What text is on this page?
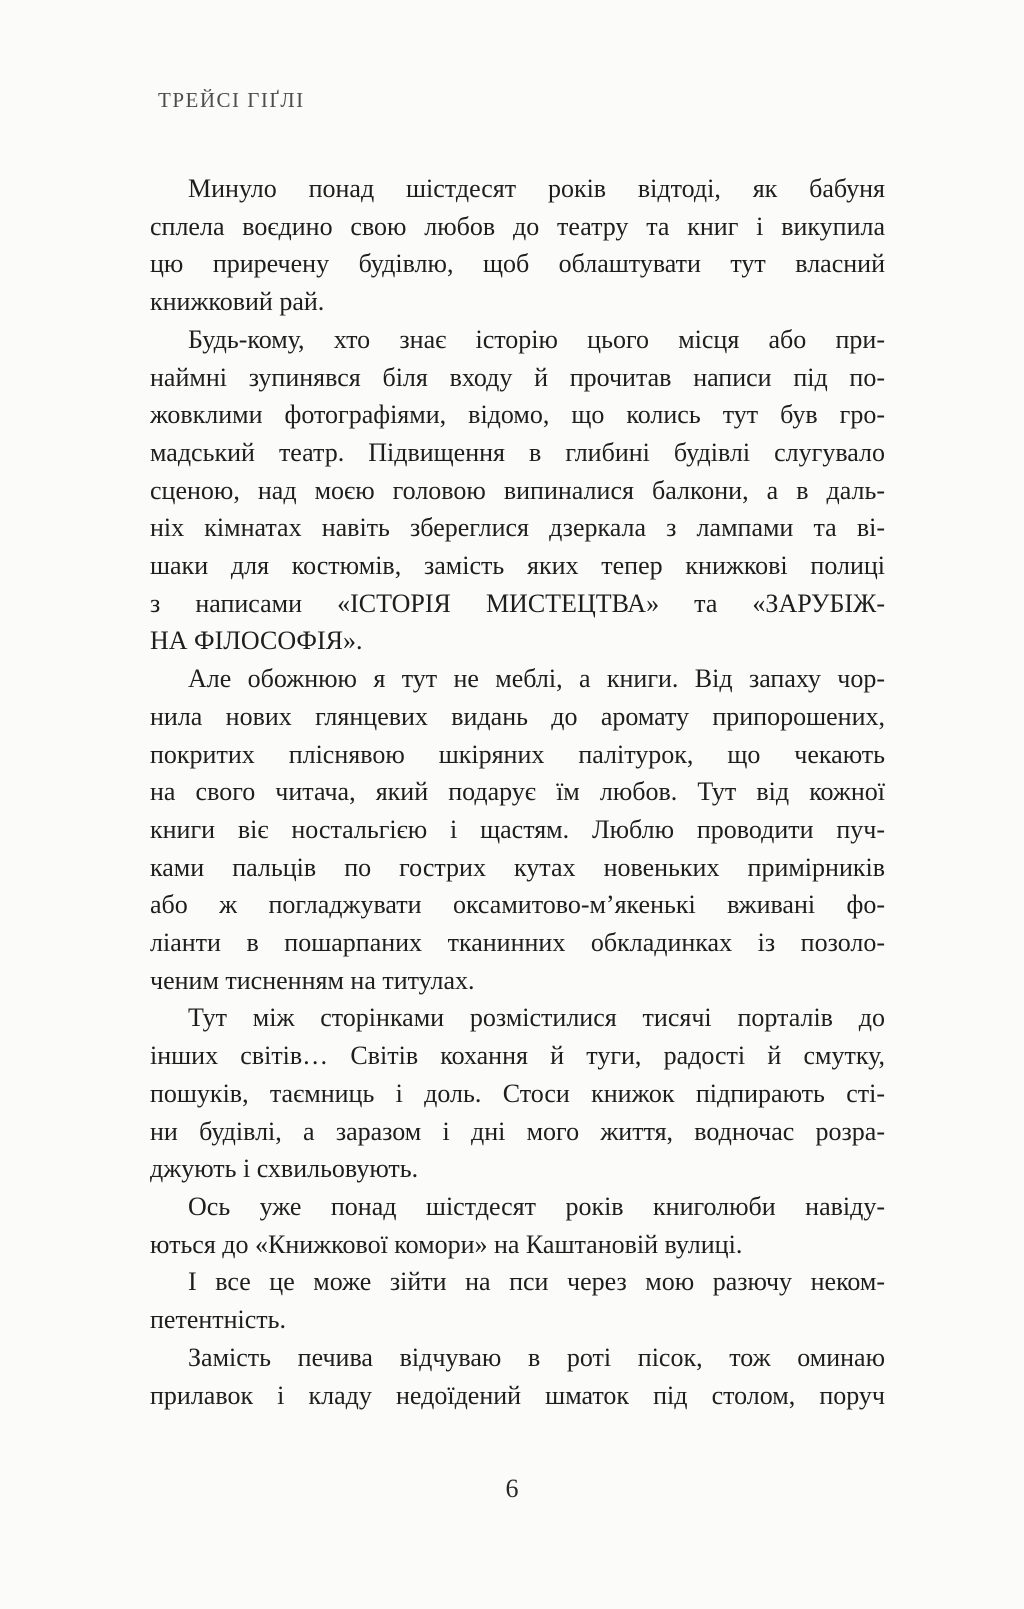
ТРЕЙСІ ГІҐЛІ
Минуло понад шістдесят років відтоді, як бабуня
сплела воєдино свою любов до театру та книг і викупила
цю приречену будівлю, щоб облаштувати тут власний
книжковий рай.
Будь-кому, хто знає історію цього місця або при-
наймні зупинявся біля входу й прочитав написи під по-
жовклими фотографіями, відомо, що колись тут був гро-
мадський театр. Підвищення в глибині будівлі слугувало
сценою, над моєю головою випиналися балкони, а в даль-
ніх кімнатах навіть збереглися дзеркала з лампами та ві-
шаки для костюмів, замість яких тепер книжкові полиці
з написами «ІСТОРІЯ МИСТЕЦТВА» та «ЗАРУБІЖ-
НА ФІЛОСОФІЯ».
Але обожнюю я тут не меблі, а книги. Від запаху чор-
нила нових глянцевих видань до аромату припорошених,
покритих пліснявою шкіряних палітурок, що чекають
на свого читача, який подарує їм любов. Тут від кожної
книги віє ностальгією і щастям. Люблю проводити пуч-
ками пальців по гострих кутах новеньких примірників
або ж погладжувати оксамитово-м’якенькі вживані фо-
ліанти в пошарпаних тканинних обкладинках із позоло-
ченим тисненням на титулах.
Тут між сторінками розмістилися тисячі порталів до
інших світів… Світів кохання й туги, радості й смутку,
пошуків, таємниць і доль. Стоси книжок підпирають сті-
ни будівлі, а заразом і дні мого життя, водночас розра-
джують і схвильовують.
Ось уже понад шістдесят років книголюби навіду-
ються до «Книжкової комори» на Каштановій вулиці.
І все це може зійти на пси через мою разючу неком-
петентність.
Замість печива відчуваю в роті пісок, тож оминаю
прилавок і кладу недоїдений шматок під столом, поруч
6
